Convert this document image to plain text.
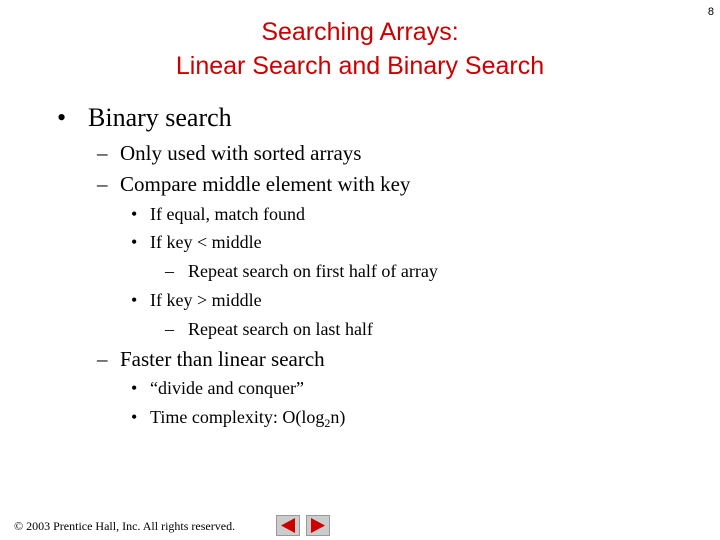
8
Searching Arrays:
Linear Search and Binary Search
• Binary search
– Only used with sorted arrays
– Compare middle element with key
• If equal, match found
• If key < middle
– Repeat search on first half of array
• If key > middle
– Repeat search on last half
– Faster than linear search
• “divide and conquer”
• Time complexity: $O(\log_2n)$
© 2003 Prentice Hall, Inc. All rights reserved.
